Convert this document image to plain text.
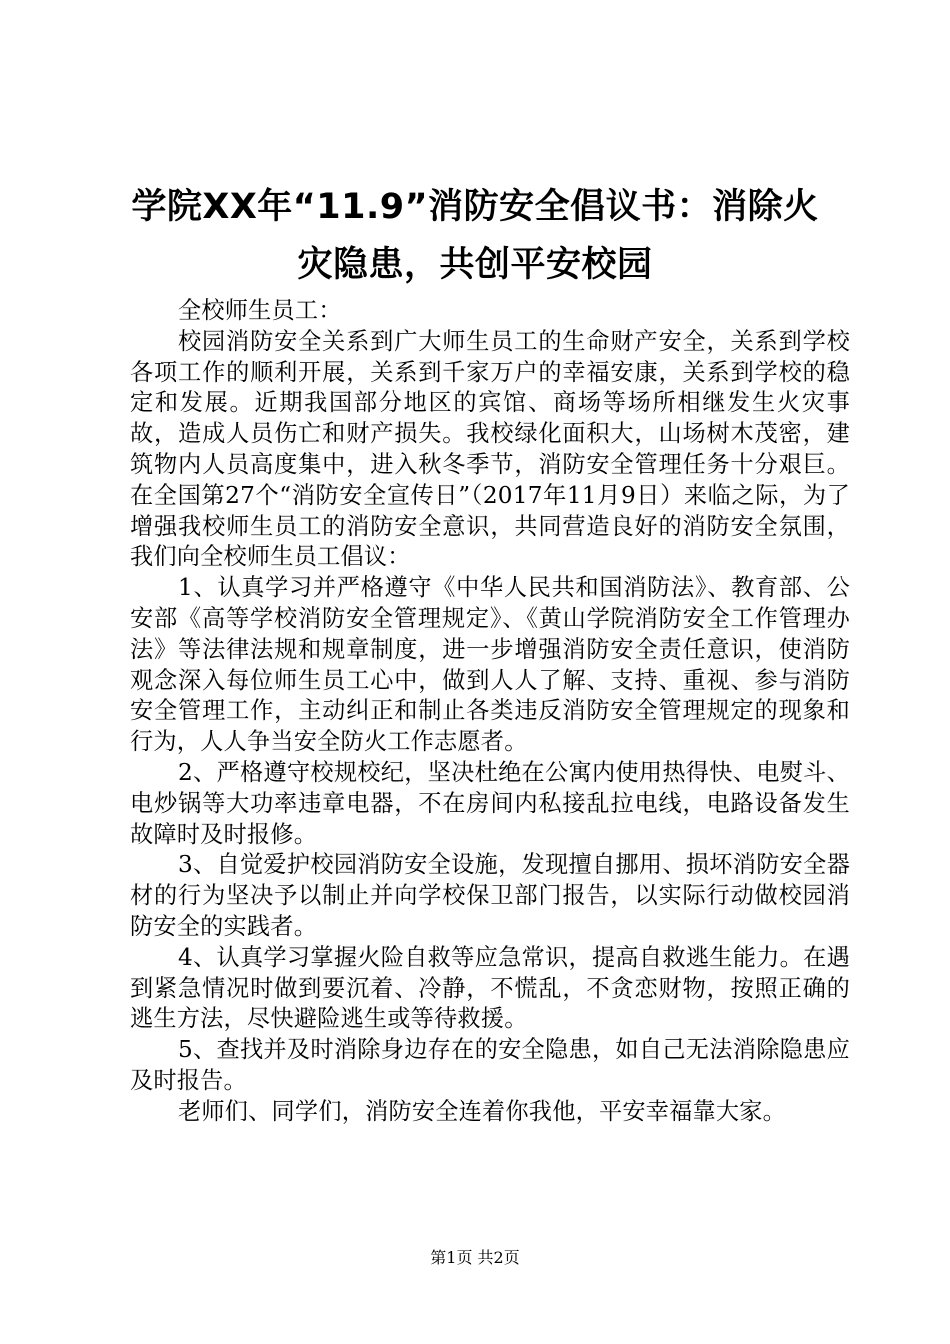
学院XX年“11.9”消防安全倡议书：消除火
灾隐患，共创平安校园

全校师生员工：

校园消防安全关系到广大师生员工的生命财产安全，关系到学校各项工作的顺利开展，关系到千家万户的幸福安康，关系到学校的稳定和发展。近期我国部分地区的宾馆、商场等场所相继发生火灾事故，造成人员伤亡和财产损失。我校绿化面积大，山场树木茂密，建筑物内人员高度集中，进入秋冬季节，消防安全管理任务十分艰巨。在全国第27个“消防安全宣传日”（2017年11月9日）来临之际，为了增强我校师生员工的消防安全意识，共同营造良好的消防安全氛围，我们向全校师生员工倡议：

1、认真学习并严格遵守《中华人民共和国消防法》、教育部、公安部《高等学校消防安全管理规定》、《黄山学院消防安全工作管理办法》等法律法规和规章制度，进一步增强消防安全责任意识，使消防观念深入每位师生员工心中，做到人人了解、支持、重视、参与消防安全管理工作，主动纠正和制止各类违反消防安全管理规定的现象和行为，人人争当安全防火工作志愿者。

2、严格遵守校规校纪，坚决杜绝在公寓内使用热得快、电熨斗、电炒锅等大功率违章电器，不在房间内私接乱拉电线，电路设备发生故障时及时报修。

3、自觉爱护校园消防安全设施，发现擅自挪用、损坏消防安全器材的行为坚决予以制止并向学校保卫部门报告，以实际行动做校园消防安全的实践者。

4、认真学习掌握火险自救等应急常识，提高自救逃生能力。在遇到紧急情况时做到要沉着、冷静，不慌乱，不贪恋财物，按照正确的逃生方法，尽快避险逃生或等待救援。

5、查找并及时消除身边存在的安全隐患，如自己无法消除隐患应及时报告。

老师们、同学们，消防安全连着你我他，平安幸福靠大家。

第1页 共2页
